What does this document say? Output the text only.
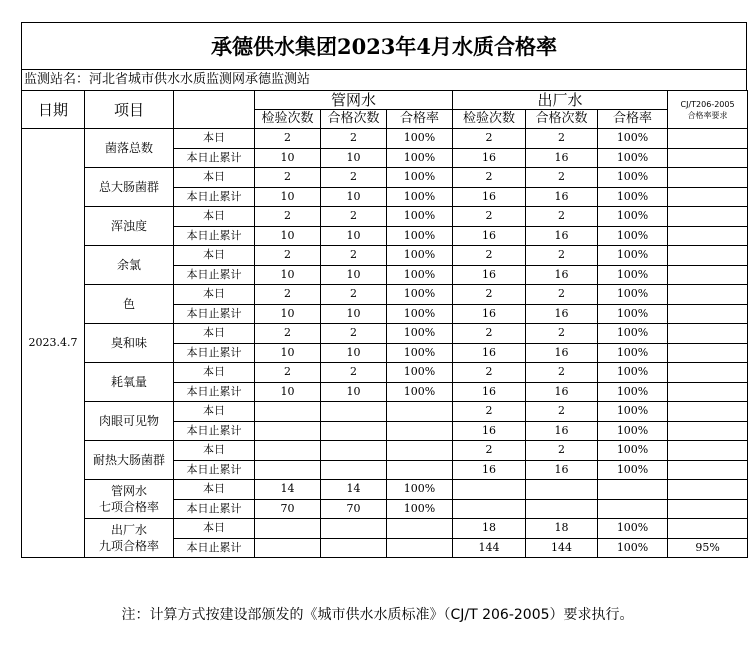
承德供水集团2023年4月水质合格率
监测站名：河北省城市供水水质监测网承德监测站
日期	项目		管网水			出厂水			CJ/T206-2005
合格率要求
			检验次数	合格次数	合格率	检验次数	合格次数	合格率	
2023.4.7	菌落总数	本日	2	2	100%	2	2	100%	
		本日止累计	10	10	100%	16	16	100%	
	总大肠菌群	本日	2	2	100%	2	2	100%	
		本日止累计	10	10	100%	16	16	100%	
	浑浊度	本日	2	2	100%	2	2	100%	
		本日止累计	10	10	100%	16	16	100%	
	余氯	本日	2	2	100%	2	2	100%	
		本日止累计	10	10	100%	16	16	100%	
	色	本日	2	2	100%	2	2	100%	
		本日止累计	10	10	100%	16	16	100%	
	臭和味	本日	2	2	100%	2	2	100%	
		本日止累计	10	10	100%	16	16	100%	
	耗氧量	本日	2	2	100%	2	2	100%	
		本日止累计	10	10	100%	16	16	100%	
	肉眼可见物	本日				2	2	100%	
		本日止累计				16	16	100%	
	耐热大肠菌群	本日				2	2	100%	
		本日止累计				16	16	100%	
	管网水
七项合格率	本日	14	14	100%				
		本日止累计	70	70	100%				
	出厂水
九项合格率	本日				18	18	100%	
		本日止累计				144	144	100%	95%
注：计算方式按建设部颁发的《城市供水水质标准》（CJ/T 206-2005）要求执行。
